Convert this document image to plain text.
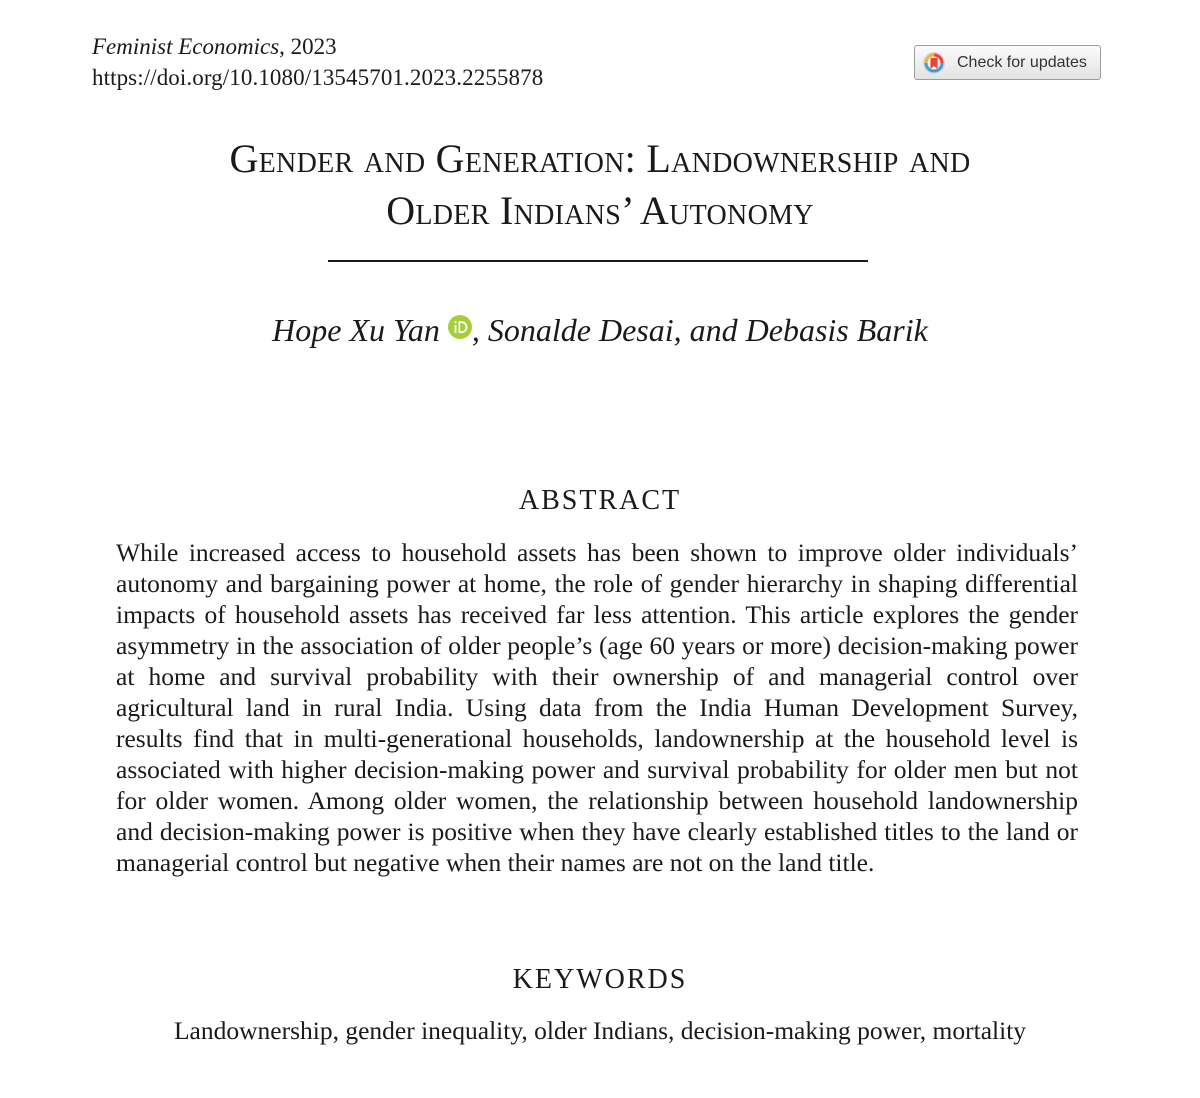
Feminist Economics, 2023
https://doi.org/10.1080/13545701.2023.2255878
Check for updates
Gender and Generation: Landownership and
Older Indians’ Autonomy
Hope Xu Yan , Sonalde Desai, and Debasis Barik
ABSTRACT

While increased access to household assets has been shown to improve older individuals’ autonomy and bargaining power at home, the role of gender hierarchy in shaping differential impacts of household assets has received far less attention. This article explores the gender asymmetry in the association of older people’s (age 60 years or more) decision-making power at home and survival probability with their ownership of and managerial control over agricultural land in rural India. Using data from the India Human Development Survey, results find that in multi-generational households, landownership at the household level is associated with higher decision-making power and survival probability for older men but not for older women. Among older women, the relationship between household landownership and decision-making power is positive when they have clearly established titles to the land or managerial control but negative when their names are not on the land title.

KEYWORDS

Landownership, gender inequality, older Indians, decision-making power, mortality
